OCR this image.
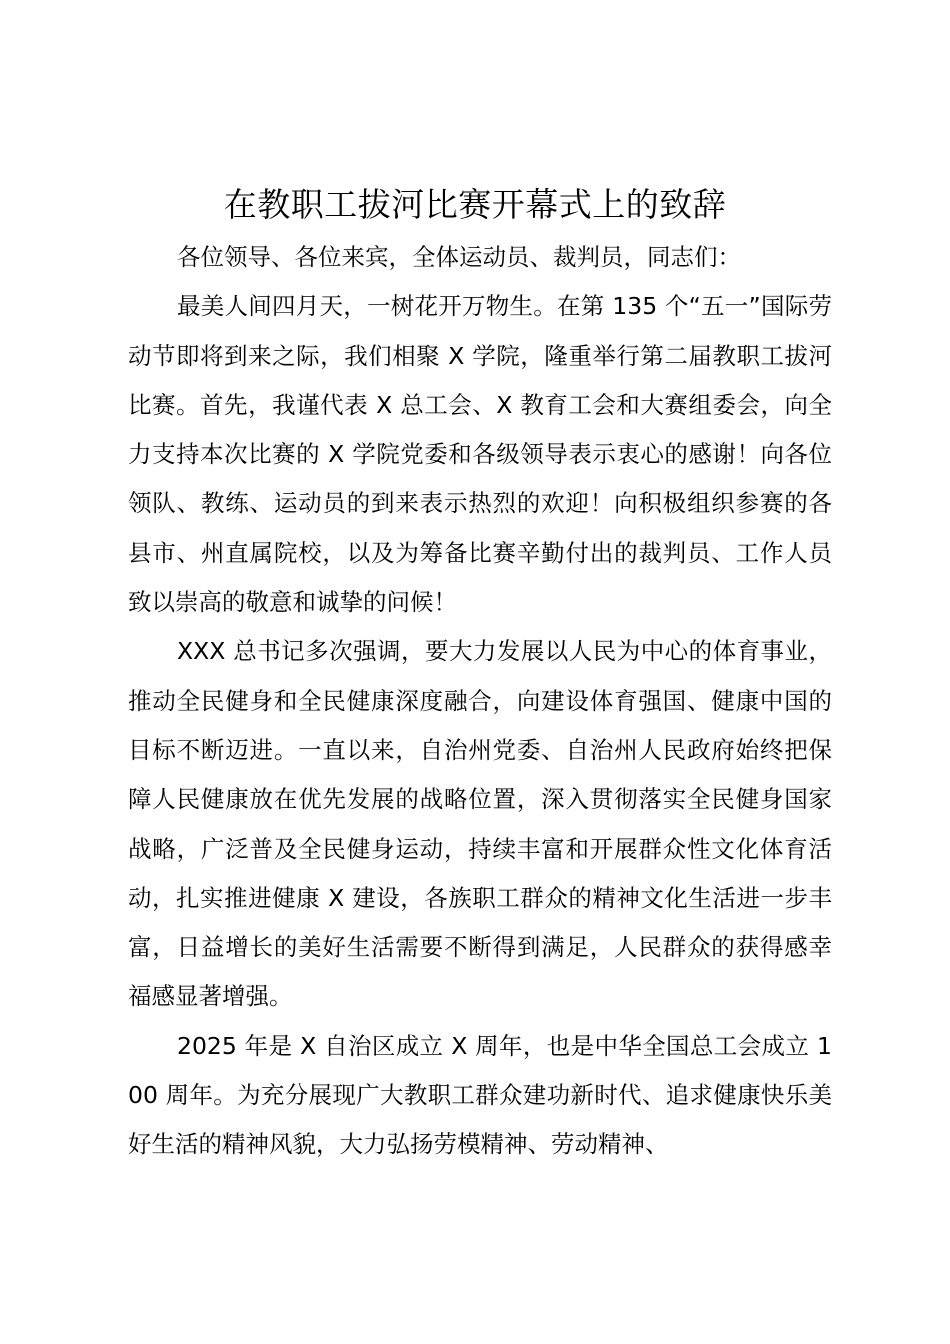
在教职工拔河比赛开幕式上的致辞

各位领导、各位来宾，全体运动员、裁判员，同志们：

最美人间四月天，一树花开万物生。在第 135 个“五一”国际劳动节即将到来之际，我们相聚 X 学院，隆重举行第二届教职工拔河比赛。首先，我谨代表 X 总工会、X 教育工会和大赛组委会，向全力支持本次比赛的 X 学院党委和各级领导表示衷心的感谢！向各位领队、教练、运动员的到来表示热烈的欢迎！向积极组织参赛的各县市、州直属院校，以及为筹备比赛辛勤付出的裁判员、工作人员致以崇高的敬意和诚挚的问候！

XXX 总书记多次强调，要大力发展以人民为中心的体育事业，推动全民健身和全民健康深度融合，向建设体育强国、健康中国的目标不断迈进。一直以来，自治州党委、自治州人民政府始终把保障人民健康放在优先发展的战略位置，深入贯彻落实全民健身国家战略，广泛普及全民健身运动，持续丰富和开展群众性文化体育活动，扎实推进健康 X 建设，各族职工群众的精神文化生活进一步丰富，日益增长的美好生活需要不断得到满足，人民群众的获得感幸福感显著增强。

2025 年是 X 自治区成立 X 周年，也是中华全国总工会成立 100 周年。为充分展现广大教职工群众建功新时代、追求健康快乐美好生活的精神风貌，大力弘扬劳模精神、劳动精神、
